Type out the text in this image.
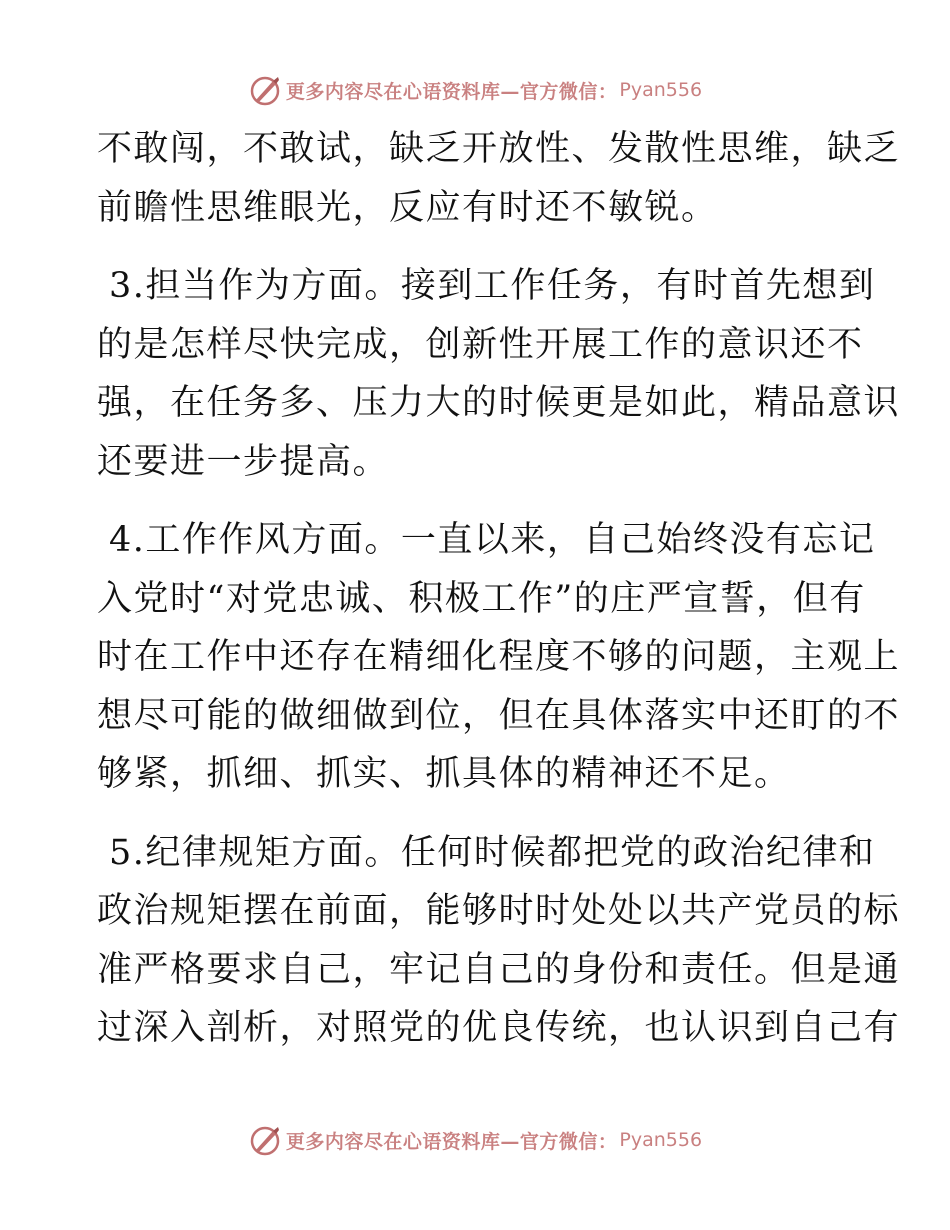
更多内容尽在心语资料库—官方微信： Pyan556
不敢闯，不敢试，缺乏开放性、发散性思维，缺乏
前瞻性思维眼光，反应有时还不敏锐。
3.担当作为方面。接到工作任务，有时首先想到
的是怎样尽快完成，创新性开展工作的意识还不
强，在任务多、压力大的时候更是如此，精品意识
还要进一步提高。
4.工作作风方面。一直以来，自己始终没有忘记
入党时“对党忠诚、积极工作”的庄严宣誓，但有
时在工作中还存在精细化程度不够的问题，主观上
想尽可能的做细做到位，但在具体落实中还盯的不
够紧，抓细、抓实、抓具体的精神还不足。
5.纪律规矩方面。任何时候都把党的政治纪律和
政治规矩摆在前面，能够时时处处以共产党员的标
准严格要求自己，牢记自己的身份和责任。但是通
过深入剖析，对照党的优良传统，也认识到自己有
更多内容尽在心语资料库—官方微信： Pyan556
